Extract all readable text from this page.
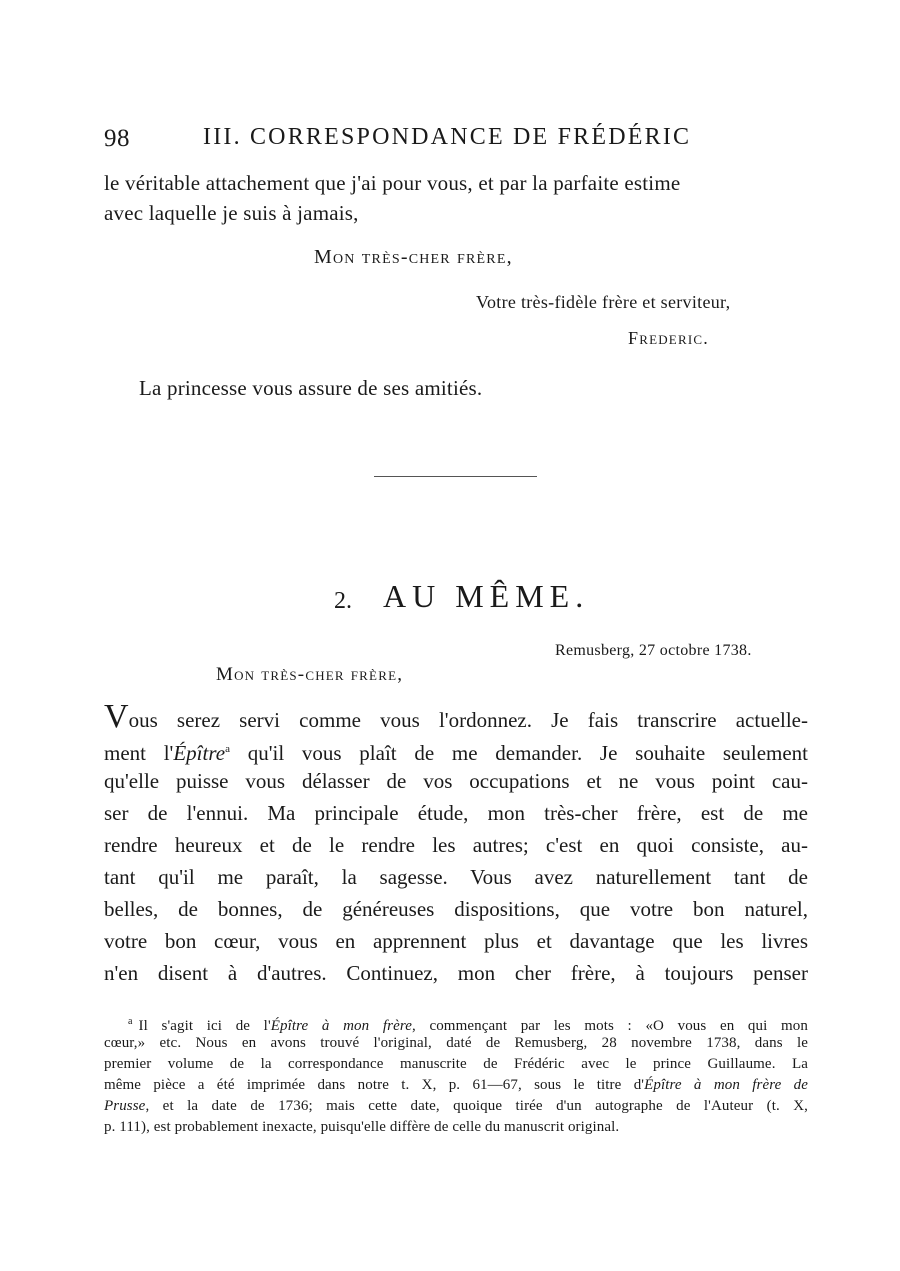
98	III. CORRESPONDANCE DE FRÉDÉRIC
le véritable attachement que j'ai pour vous, et par la parfaite estime
avec laquelle je suis à jamais,
Mon très-cher frère,
Votre très-fidèle frère et serviteur,
Frederic.
La princesse vous assure de ses amitiés.
2. AU MÊME.
Remusberg, 27 octobre 1738.
Mon très-cher frère,
Vous serez servi comme vous l'ordonnez. Je fais transcrire actuelle-
ment l'Épître$^a$ qu'il vous plaît de me demander. Je souhaite seulement
qu'elle puisse vous délasser de vos occupations et ne vous point cau-
ser de l'ennui. Ma principale étude, mon très-cher frère, est de me
rendre heureux et de le rendre les autres; c'est en quoi consiste, au-
tant qu'il me paraît, la sagesse. Vous avez naturellement tant de
belles, de bonnes, de généreuses dispositions, que votre bon naturel,
votre bon cœur, vous en apprennent plus et davantage que les livres
n'en disent à d'autres. Continuez, mon cher frère, à toujours penser
$^a$ Il s'agit ici de l'Épître à mon frère, commençant par les mots : «O vous en qui mon
cœur,» etc. Nous en avons trouvé l'original, daté de Remusberg, 28 novembre 1738, dans le
premier volume de la correspondance manuscrite de Frédéric avec le prince Guillaume. La
même pièce a été imprimée dans notre t. X, p. 61—67, sous le titre d'Épître à mon frère de
Prusse, et la date de 1736; mais cette date, quoique tirée d'un autographe de l'Auteur (t. X,
p. 111), est probablement inexacte, puisqu'elle diffère de celle du manuscrit original.
